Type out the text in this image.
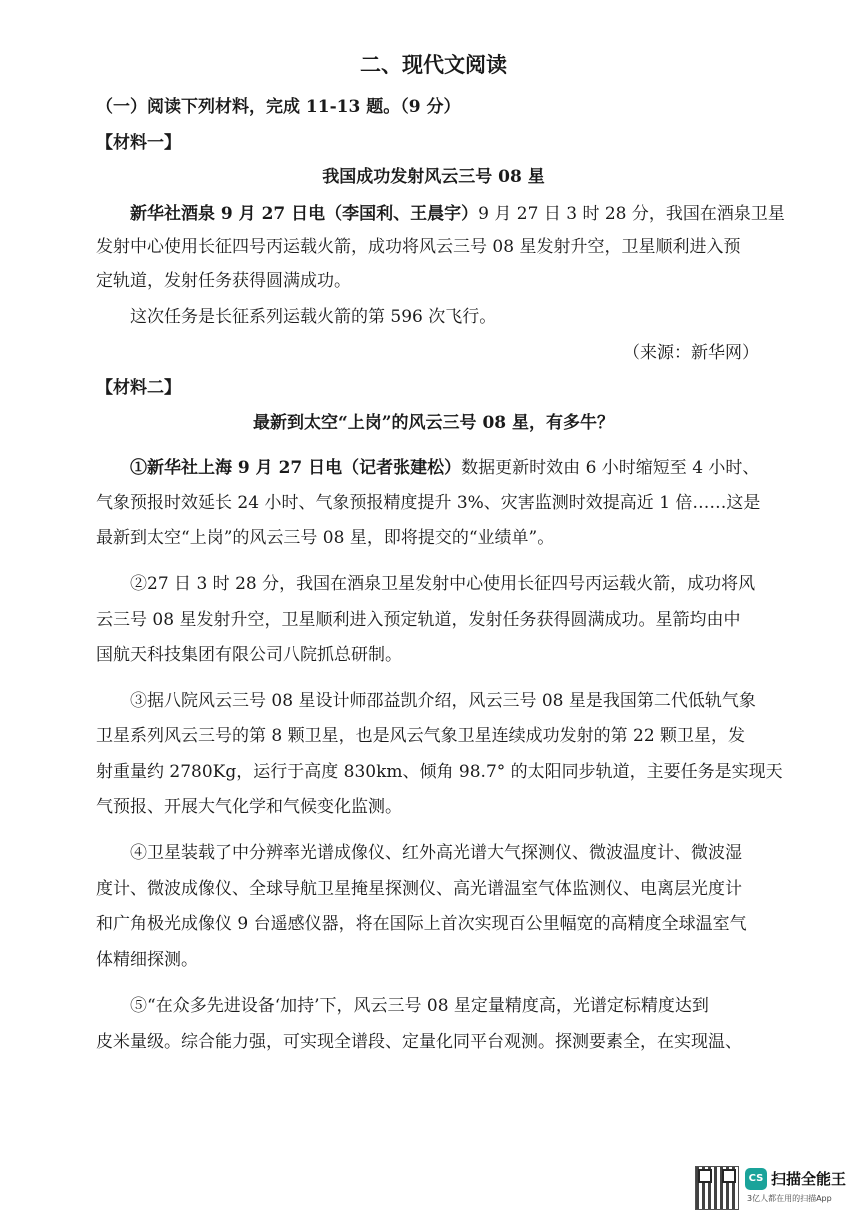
二、现代文阅读
（一）阅读下列材料，完成 11-13 题。（9 分）
【材料一】
我国成功发射风云三号 08 星
新华社酒泉 9 月 27 日电（李国利、王晨宇）9 月 27 日 3 时 28 分，我国在酒泉卫星
发射中心使用长征四号丙运载火箭，成功将风云三号 08 星发射升空，卫星顺利进入预
定轨道，发射任务获得圆满成功。
这次任务是长征系列运载火箭的第 596 次飞行。
（来源：新华网）
【材料二】
最新到太空“上岗”的风云三号 08 星，有多牛？
①新华社上海 9 月 27 日电（记者张建松）数据更新时效由 6 小时缩短至 4 小时、
气象预报时效延长 24 小时、气象预报精度提升 3%、灾害监测时效提高近 1 倍……这是
最新到太空“上岗”的风云三号 08 星，即将提交的“业绩单”。
②27 日 3 时 28 分，我国在酒泉卫星发射中心使用长征四号丙运载火箭，成功将风
云三号 08 星发射升空，卫星顺利进入预定轨道，发射任务获得圆满成功。星箭均由中
国航天科技集团有限公司八院抓总研制。
③据八院风云三号 08 星设计师邵益凯介绍，风云三号 08 星是我国第二代低轨气象
卫星系列风云三号的第 8 颗卫星，也是风云气象卫星连续成功发射的第 22 颗卫星，发
射重量约 2780Kg，运行于高度 830km、倾角 98.7° 的太阳同步轨道，主要任务是实现天
气预报、开展大气化学和气候变化监测。
④卫星装载了中分辨率光谱成像仪、红外高光谱大气探测仪、微波温度计、微波湿
度计、微波成像仪、全球导航卫星掩星探测仪、高光谱温室气体监测仪、电离层光度计
和广角极光成像仪 9 台遥感仪器，将在国际上首次实现百公里幅宽的高精度全球温室气
体精细探测。
⑤“在众多先进设备‘加持’下，风云三号 08 星定量精度高，光谱定标精度达到
皮米量级。综合能力强，可实现全谱段、定量化同平台观测。探测要素全，在实现温、
CS 扫描全能王
3亿人都在用的扫描App
